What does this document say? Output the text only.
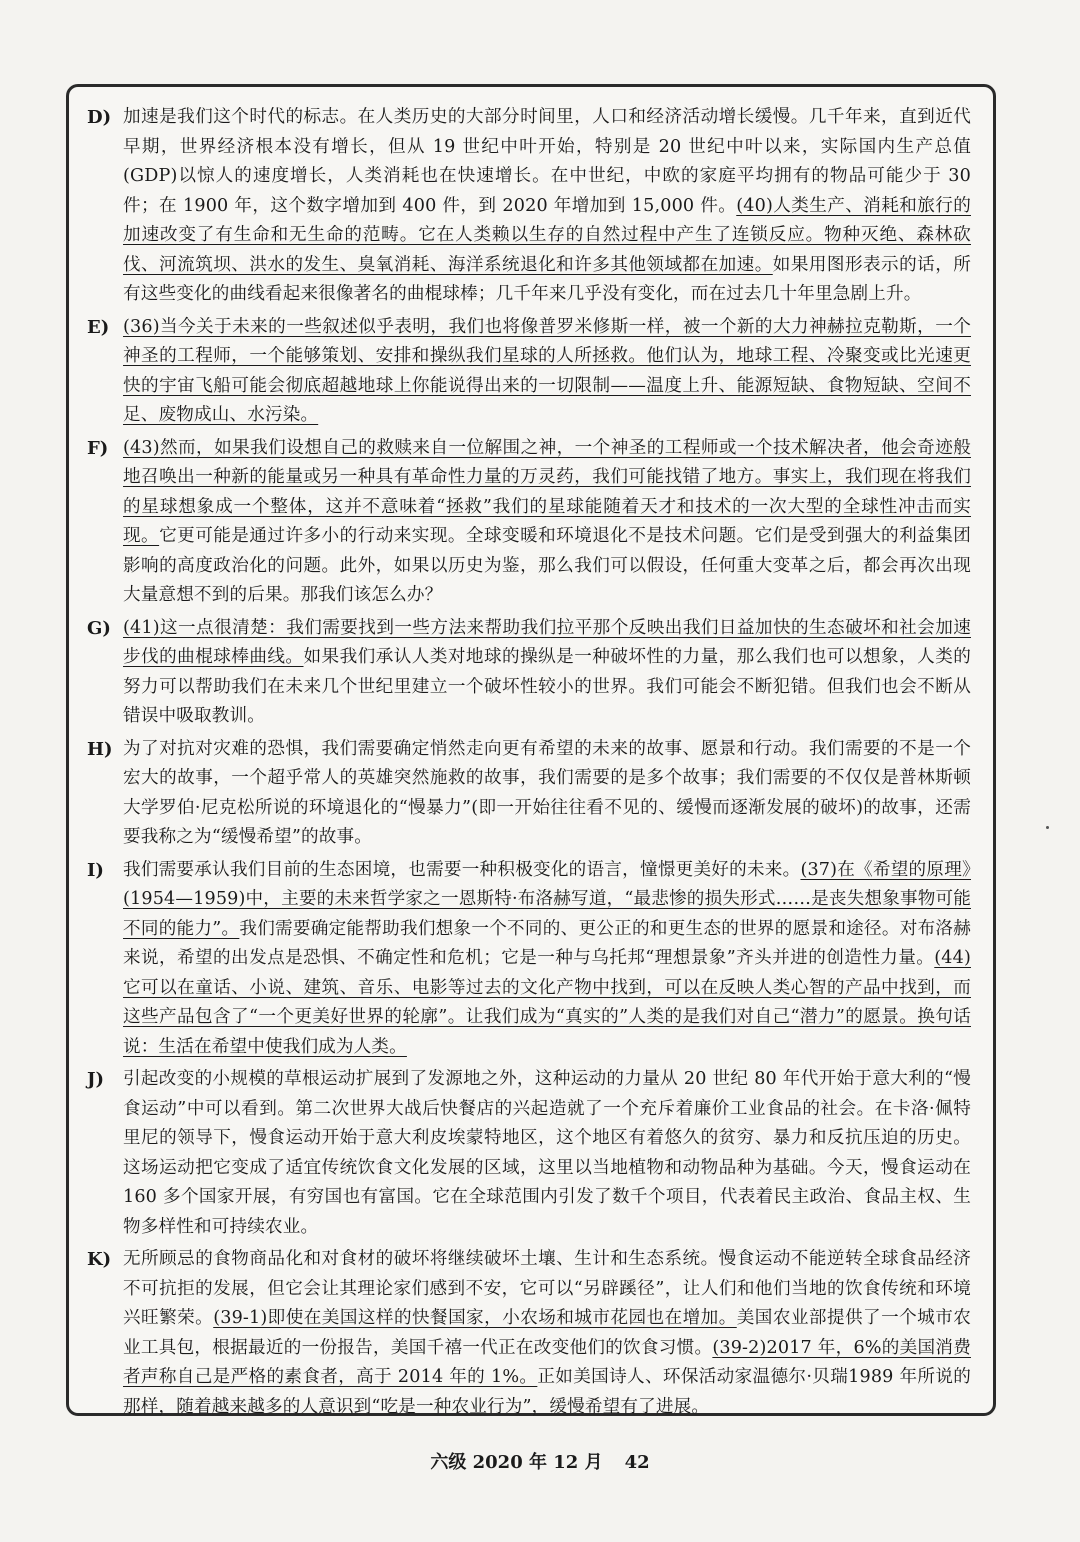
D) 加速是我们这个时代的标志。在人类历史的大部分时间里，人口和经济活动增长缓慢。几千年来，直到近代早期，世界经济根本没有增长，但从 19 世纪中叶开始，特别是 20 世纪中叶以来，实际国内生产总值(GDP)以惊人的速度增长，人类消耗也在快速增长。在中世纪，中欧的家庭平均拥有的物品可能少于 30 件；在 1900 年，这个数字增加到 400 件，到 2020 年增加到 15,000 件。(40)人类生产、消耗和旅行的加速改变了有生命和无生命的范畴。它在人类赖以生存的自然过程中产生了连锁反应。物种灭绝、森林砍伐、河流筑坝、洪水的发生、臭氧消耗、海洋系统退化和许多其他领域都在加速。如果用图形表示的话，所有这些变化的曲线看起来很像著名的曲棍球棒；几千年来几乎没有变化，而在过去几十年里急剧上升。
E) (36)当今关于未来的一些叙述似乎表明，我们也将像普罗米修斯一样，被一个新的大力神赫拉克勒斯，一个神圣的工程师，一个能够策划、安排和操纵我们星球的人所拯救。他们认为，地球工程、冷聚变或比光速更快的宇宙飞船可能会彻底超越地球上你能说得出来的一切限制——温度上升、能源短缺、食物短缺、空间不足、废物成山、水污染。
F) (43)然而，如果我们设想自己的救赎来自一位解围之神，一个神圣的工程师或一个技术解决者，他会奇迹般地召唤出一种新的能量或另一种具有革命性力量的万灵药，我们可能找错了地方。事实上，我们现在将我们的星球想象成一个整体，这并不意味着“拯救”我们的星球能随着天才和技术的一次大型的全球性冲击而实现。它更可能是通过许多小的行动来实现。全球变暖和环境退化不是技术问题。它们是受到强大的利益集团影响的高度政治化的问题。此外，如果以历史为鉴，那么我们可以假设，任何重大变革之后，都会再次出现大量意想不到的后果。那我们该怎么办？
G) (41)这一点很清楚：我们需要找到一些方法来帮助我们拉平那个反映出我们日益加快的生态破坏和社会加速步伐的曲棍球棒曲线。如果我们承认人类对地球的操纵是一种破坏性的力量，那么我们也可以想象，人类的努力可以帮助我们在未来几个世纪里建立一个破坏性较小的世界。我们可能会不断犯错。但我们也会不断从错误中吸取教训。
H) 为了对抗对灾难的恐惧，我们需要确定悄然走向更有希望的未来的故事、愿景和行动。我们需要的不是一个宏大的故事，一个超乎常人的英雄突然施救的故事，我们需要的是多个故事；我们需要的不仅仅是普林斯顿大学罗伯·尼克松所说的环境退化的“慢暴力”(即一开始往往看不见的、缓慢而逐渐发展的破坏)的故事，还需要我称之为“缓慢希望”的故事。
I)	我们需要承认我们目前的生态困境，也需要一种积极变化的语言，憧憬更美好的未来。(37)在《希望的原理》(1954—1959)中，主要的未来哲学家之一恩斯特·布洛赫写道，“最悲惨的损失形式……是丧失想象事物可能不同的能力”。我们需要确定能帮助我们想象一个不同的、更公正的和更生态的世界的愿景和途径。对布洛赫来说，希望的出发点是恐惧、不确定性和危机；它是一种与乌托邦“理想景象”齐头并进的创造性力量。(44)它可以在童话、小说、建筑、音乐、电影等过去的文化产物中找到，可以在反映人类心智的产品中找到，而这些产品包含了“一个更美好世界的轮廓”。让我们成为“真实的”人类的是我们对自己“潜力”的愿景。换句话说：生活在希望中使我们成为人类。
J)	引起改变的小规模的草根运动扩展到了发源地之外，这种运动的力量从 20 世纪 80 年代开始于意大利的“慢食运动”中可以看到。第二次世界大战后快餐店的兴起造就了一个充斥着廉价工业食品的社会。在卡洛·佩特里尼的领导下，慢食运动开始于意大利皮埃蒙特地区，这个地区有着悠久的贫穷、暴力和反抗压迫的历史。这场运动把它变成了适宜传统饮食文化发展的区域，这里以当地植物和动物品种为基础。今天，慢食运动在 160 多个国家开展，有穷国也有富国。它在全球范围内引发了数千个项目，代表着民主政治、食品主权、生物多样性和可持续农业。
K) 无所顾忌的食物商品化和对食材的破坏将继续破坏土壤、生计和生态系统。慢食运动不能逆转全球食品经济不可抗拒的发展，但它会让其理论家们感到不安，它可以“另辟蹊径”，让人们和他们当地的饮食传统和环境兴旺繁荣。(39-1)即使在美国这样的快餐国家，小农场和城市花园也在增加。美国农业部提供了一个城市农业工具包，根据最近的一份报告，美国千禧一代正在改变他们的饮食习惯。(39-2)2017 年，6%的美国消费者声称自己是严格的素食者，高于 2014 年的 1%。正如美国诗人、环保活动家温德尔·贝瑞1989 年所说的那样，随着越来越多的人意识到“吃是一种农业行为”，缓慢希望有了进展。
六级 2020 年 12 月 42
